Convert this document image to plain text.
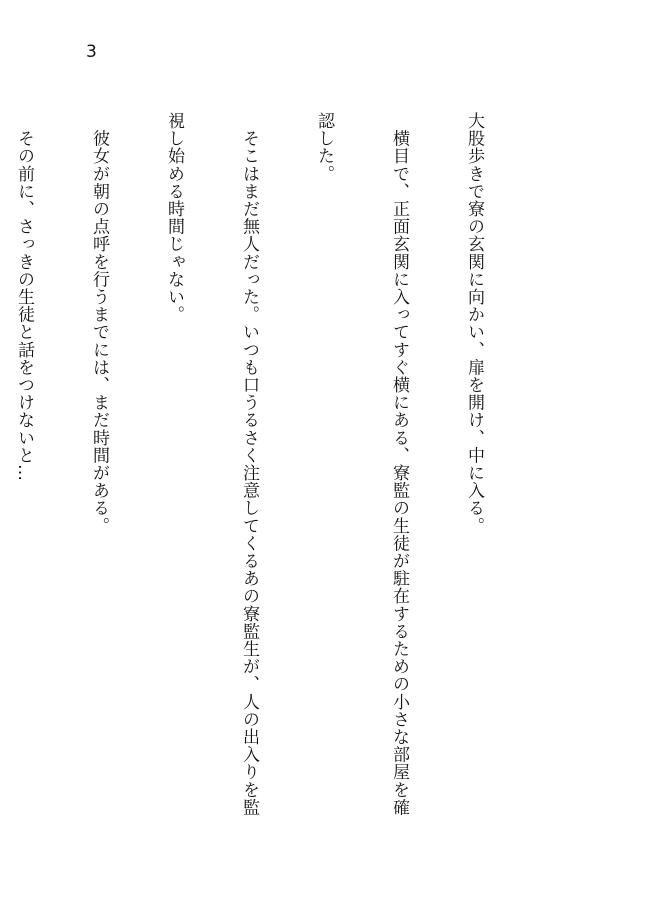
3

大股歩きで寮の玄関に向かい、扉を開け、中に入る。

　横目で、正面玄関に入ってすぐ横にある、寮監の生徒が駐在するための小さな部屋を確

認した。

　そこはまだ無人だった。いつも口うるさく注意してくるあの寮監生が、人の出入りを監

視し始める時間じゃない。

　彼女が朝の点呼を行うまでには、まだ時間がある。

　その前に、さっきの生徒と話をつけないと…
